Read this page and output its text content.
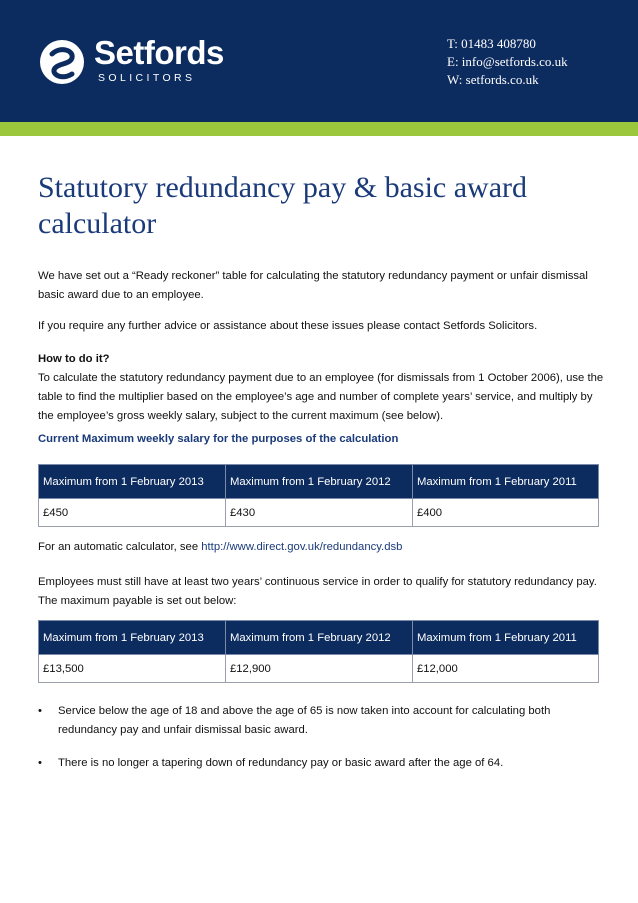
Setfords
SOLICITORS
T: 01483 408780
E: info@setfords.co.uk
W: setfords.co.uk
Statutory redundancy pay & basic award calculator

We have set out a “Ready reckoner” table for calculating the statutory redundancy payment or unfair dismissal basic award due to an employee.

If you require any further advice or assistance about these issues please contact Setfords Solicitors.

How to do it?
To calculate the statutory redundancy payment due to an employee (for dismissals from 1 October 2006), use the table to find the multiplier based on the employee’s age and number of complete years’ service, and multiply by the employee’s gross weekly salary, subject to the current maximum (see below).

Current Maximum weekly salary for the purposes of the calculation

Maximum from 1 February 2013	Maximum from 1 February 2012	Maximum from 1 February 2011
£450	£430	£400

For an automatic calculator, see http://www.direct.gov.uk/redundancy.dsb

Employees must still have at least two years’ continuous service in order to qualify for statutory redundancy pay. The maximum payable is set out below:

Maximum from 1 February 2013	Maximum from 1 February 2012	Maximum from 1 February 2011
£13,500	£12,900	£12,000
• Service below the age of 18 and above the age of 65 is now taken into account for calculating both redundancy pay and unfair dismissal basic award.
• There is no longer a tapering down of redundancy pay or basic award after the age of 64.
